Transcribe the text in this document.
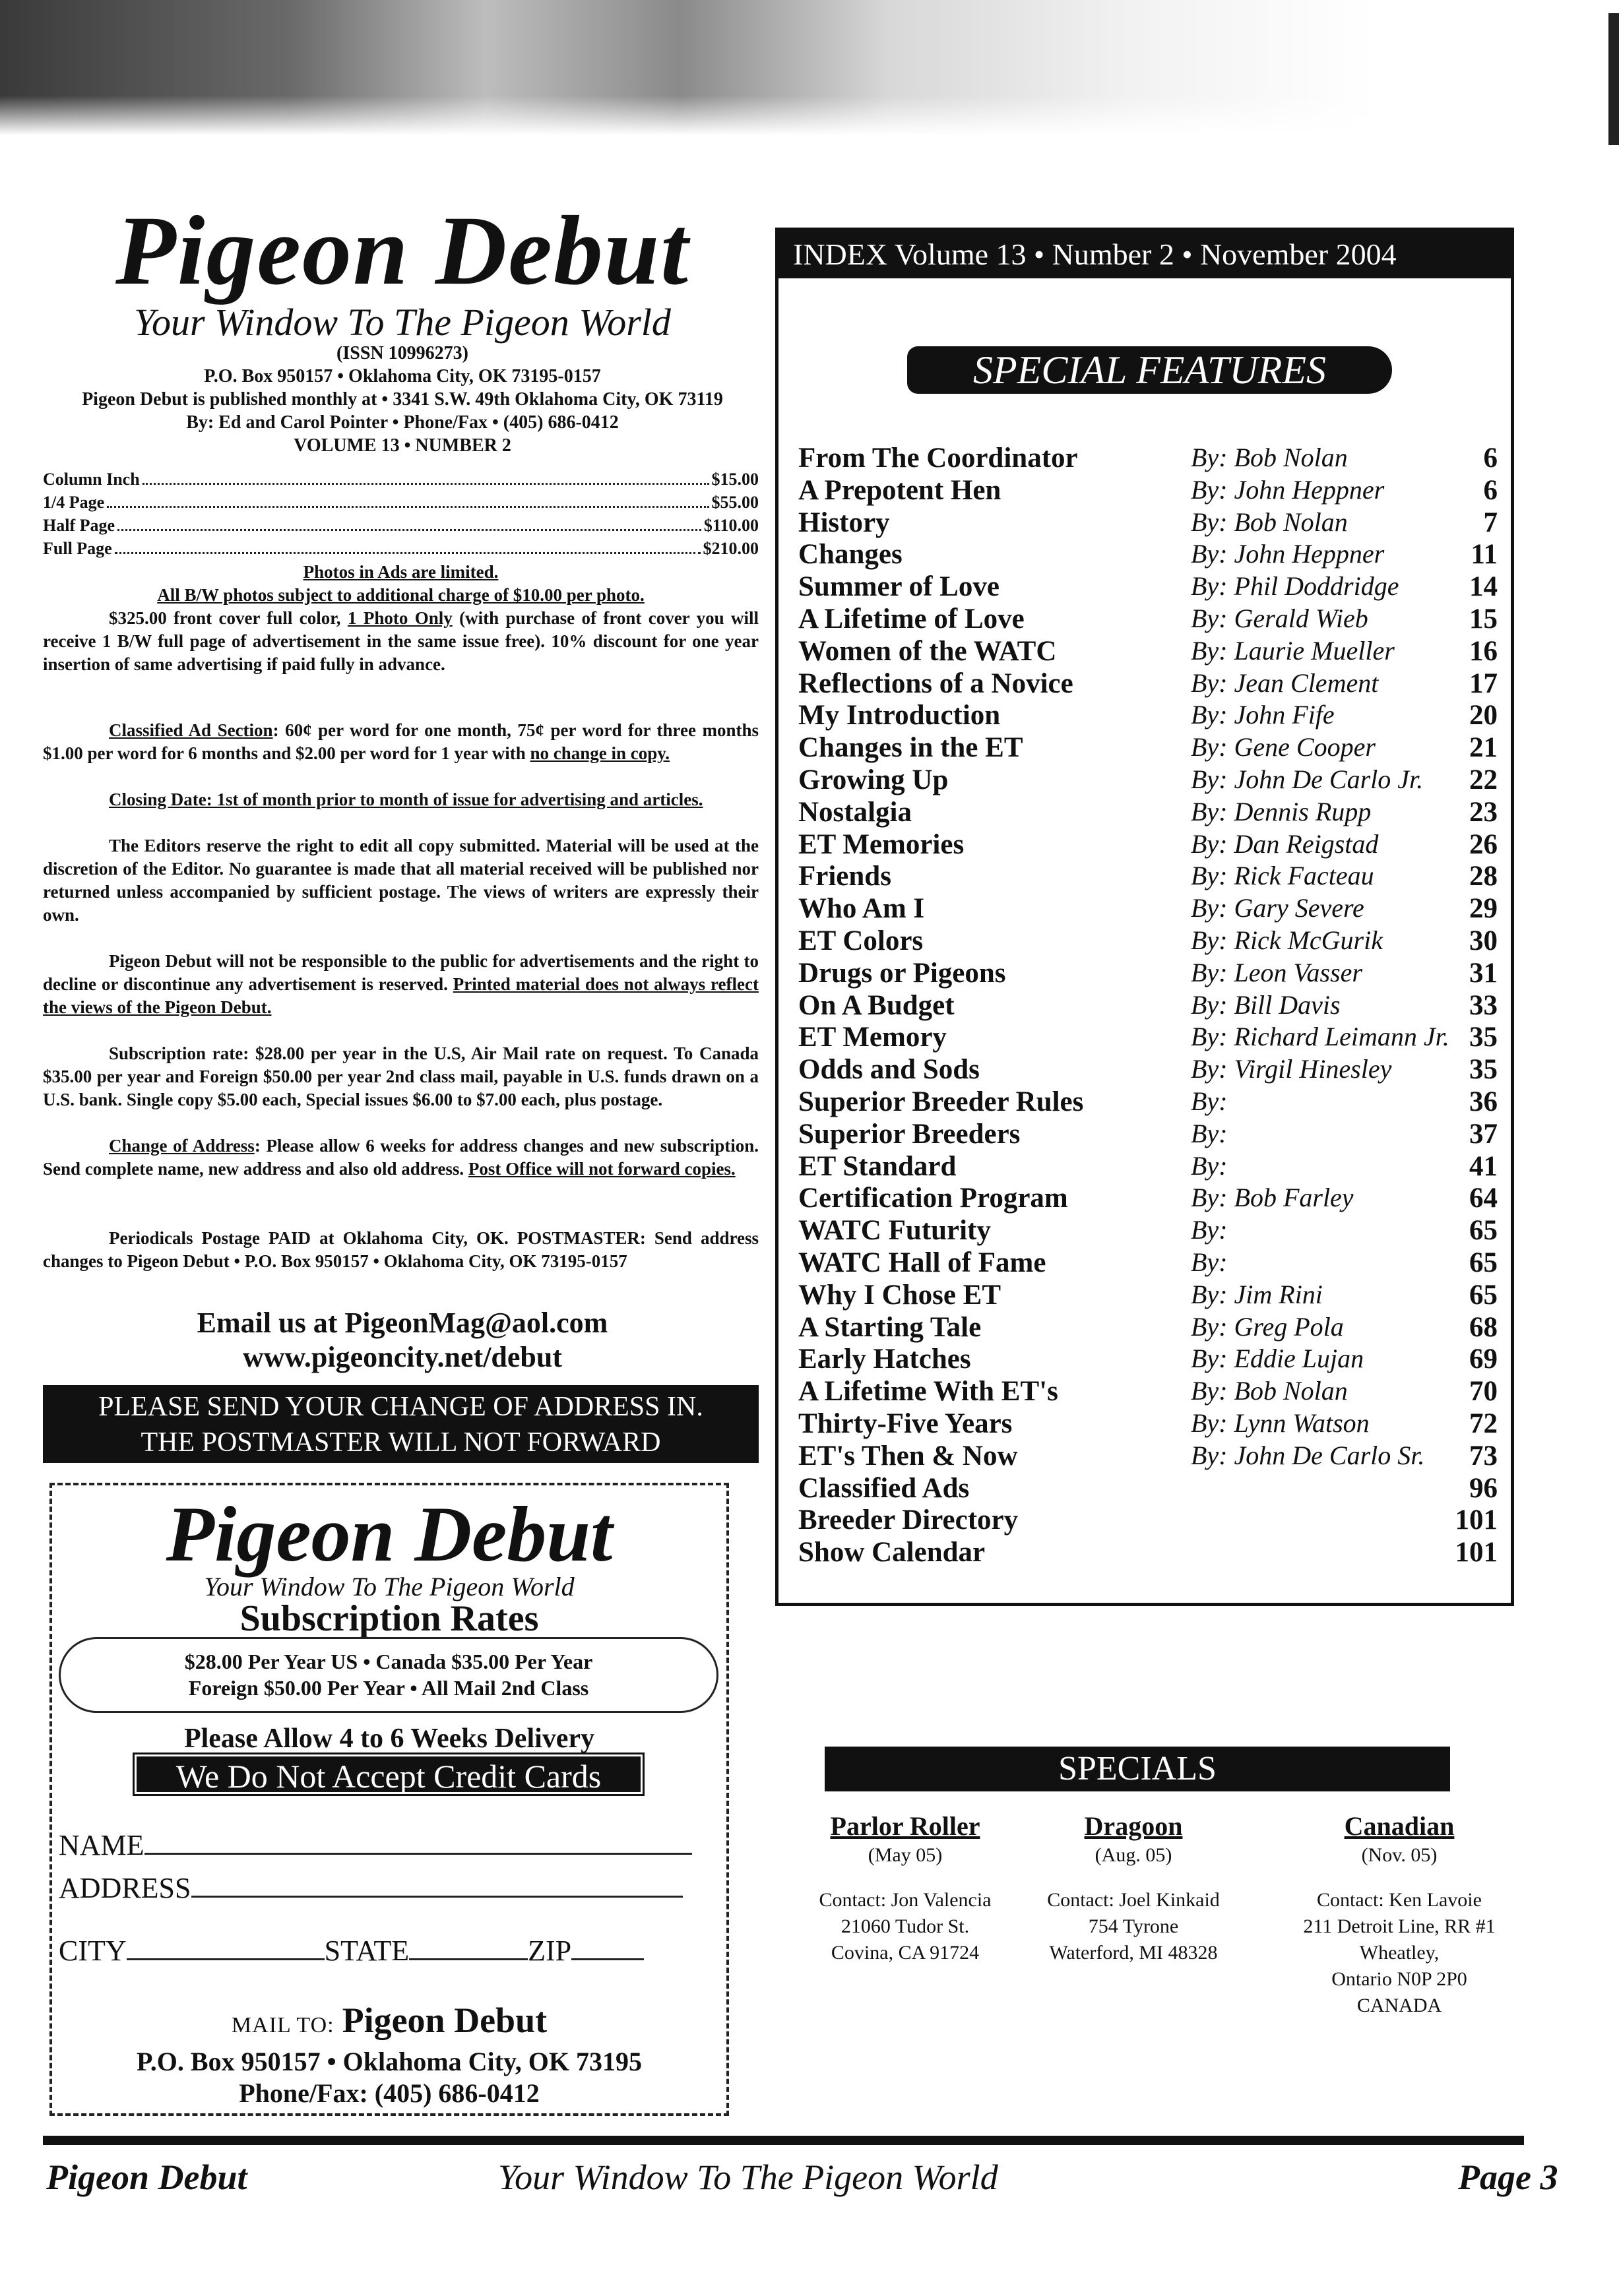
Pigeon Debut
Your Window To The Pigeon World
(ISSN 10996273)
P.O. Box 950157 • Oklahoma City, OK 73195-0157
Pigeon Debut is published monthly at • 3341 S.W. 49th Oklahoma City, OK 73119
By: Ed and Carol Pointer • Phone/Fax • (405) 686-0412
VOLUME 13 • NUMBER 2
Column Inch	$15.00
1/4 Page	$55.00
Half Page	$110.00
Full Page	$210.00

Photos in Ads are limited.

All B/W photos subject to additional charge of $10.00 per photo.

$325.00 front cover full color, 1 Photo Only (with purchase of front cover you will receive 1 B/W full page of advertisement in the same issue free). 10% discount for one year insertion of same advertising if paid fully in advance.

Classified Ad Section: 60¢ per word for one month, 75¢ per word for three months $1.00 per word for 6 months and $2.00 per word for 1 year with no change in copy.

Closing Date: 1st of month prior to month of issue for advertising and articles.

The Editors reserve the right to edit all copy submitted. Material will be used at the discretion of the Editor. No guarantee is made that all material received will be published nor returned unless accompanied by sufficient postage. The views of writers are expressly their own.

Pigeon Debut will not be responsible to the public for advertisements and the right to decline or discontinue any advertisement is reserved. Printed material does not always reflect the views of the Pigeon Debut.

Subscription rate: $28.00 per year in the U.S, Air Mail rate on request. To Canada $35.00 per year and Foreign $50.00 per year 2nd class mail, payable in U.S. funds drawn on a U.S. bank. Single copy $5.00 each, Special issues $6.00 to $7.00 each, plus postage.

Change of Address: Please allow 6 weeks for address changes and new subscription. Send complete name, new address and also old address. Post Office will not forward copies.

Periodicals Postage PAID at Oklahoma City, OK. POSTMASTER: Send address changes to Pigeon Debut • P.O. Box 950157 • Oklahoma City, OK 73195-0157

Email us at PigeonMag@aol.com
www.pigeoncity.net/debut
PLEASE SEND YOUR CHANGE OF ADDRESS IN.
THE POSTMASTER WILL NOT FORWARD
Pigeon Debut
Your Window To The Pigeon World
Subscription Rates
$28.00 Per Year US • Canada $35.00 Per Year
Foreign $50.00 Per Year • All Mail 2nd Class
Please Allow 4 to 6 Weeks Delivery
We Do Not Accept Credit Cards
NAME
ADDRESS
CITY	STATE	ZIP
MAIL TO: Pigeon Debut
P.O. Box 950157 • Oklahoma City, OK 73195
Phone/Fax: (405) 686-0412
INDEX Volume 13 • Number 2 • November 2004
SPECIAL FEATURES
From The Coordinator	By: Bob Nolan	6
A Prepotent Hen	By: John Heppner	6
History	By: Bob Nolan	7
Changes	By: John Heppner	11
Summer of Love	By: Phil Doddridge 14
A Lifetime of Love	By: Gerald Wieb	15
Women of the WATC	By: Laurie Mueller	16
Reflections of a Novice	By: Jean Clement	17
My Introduction	By: John Fife	20
Changes in the ET	By: Gene Cooper	21
Growing Up	By: John De Carlo Jr. 22
Nostalgia	By: Dennis Rupp	23
ET Memories	By: Dan Reigstad	26
Friends	By: Rick Facteau	28
Who Am I	By: Gary Severe	29
ET Colors	By: Rick McGurik	30
Drugs or Pigeons	By: Leon Vasser	31
On A Budget	By: Bill Davis	33
ET Memory	By: Richard Leimann Jr. 35
Odds and Sods	By: Virgil Hinesley	35
Superior Breeder Rules	By:	36
Superior Breeders	By:	37
ET Standard	By:	41
Certification Program	By: Bob Farley	64
WATC Futurity	By:	65
WATC Hall of Fame	By:	65
Why I Chose ET	By: Jim Rini	65
A Starting Tale	By: Greg Pola	68
Early Hatches	By: Eddie Lujan	69
A Lifetime With ET's	By: Bob Nolan	70
Thirty-Five Years	By: Lynn Watson	72
ET's Then & Now	By: John De Carlo Sr. 73
Classified Ads	96
Breeder Directory	101
Show Calendar	101
SPECIALS
Parlor Roller
(May 05)
Contact: Jon Valencia
21060 Tudor St.
Covina, CA 91724
Dragoon
(Aug. 05)
Contact: Joel Kinkaid
754 Tyrone
Waterford, MI 48328
Canadian
(Nov. 05)
Contact: Ken Lavoie
211 Detroit Line, RR #1
Wheatley,
Ontario N0P 2P0
CANADA
Pigeon Debut	Your Window To The Pigeon World	Page 3
